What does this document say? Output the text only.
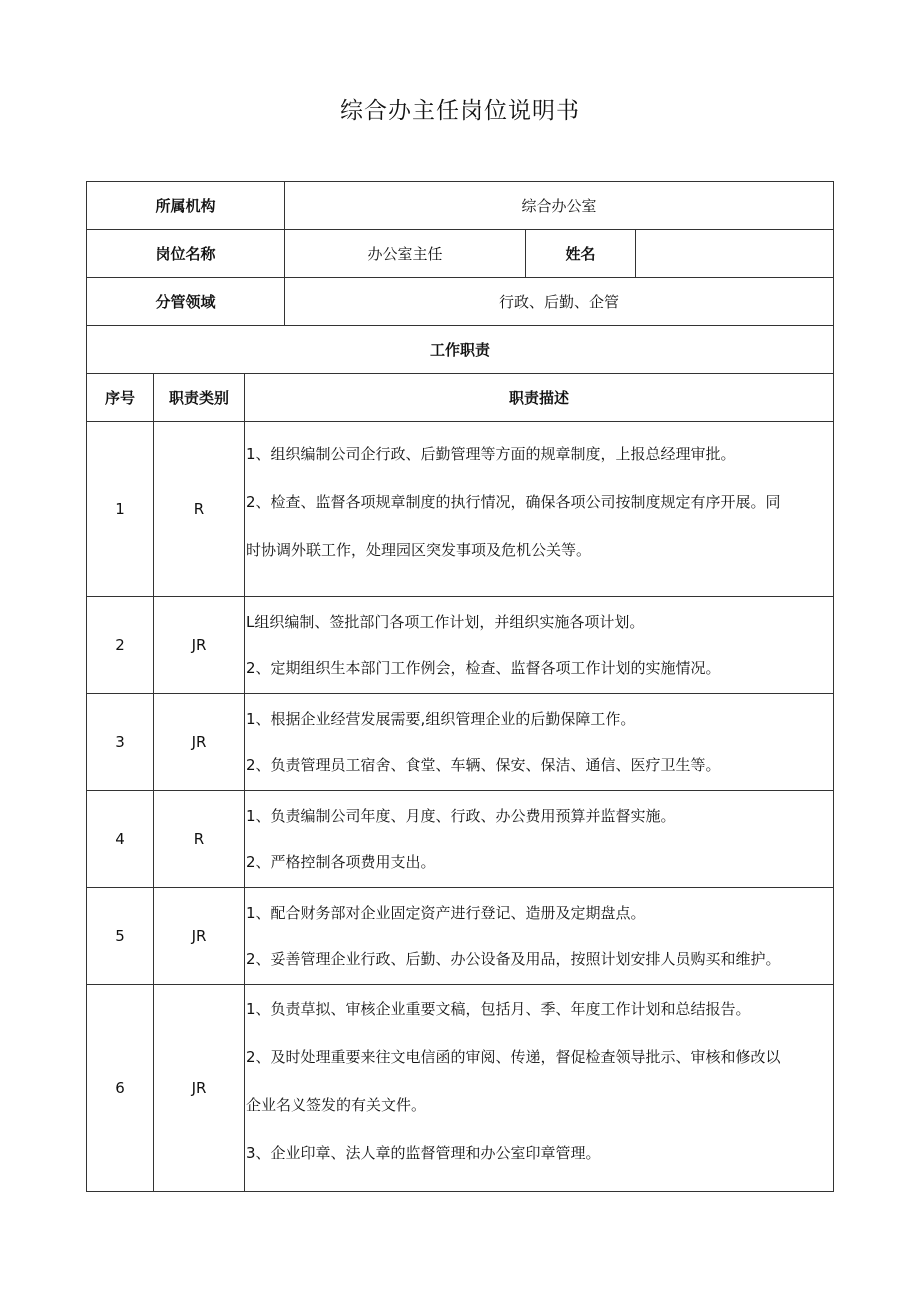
综合办主任岗位说明书
所属机构			综合办公室		
岗位名称			办公室主任	姓名	
分管领域			行政、后勤、企管		
工作职责					
序号	职责类别	职责描述			
1	R	1、组织编制公司企行政、后勤管理等方面的规章制度，上报总经理审批。

2、检查、监督各项规章制度的执行情况，确保各项公司按制度规定有序开展。同

时协调外联工作，处理园区突发事项及危机公关等。			

2	JR	L组织编制、签批部门各项工作计划，并组织实施各项计划。

2、定期组织生本部门工作例会，检查、监督各项工作计划的实施情况。			

3	JR	1、根据企业经营发展需要,组织管理企业的后勤保障工作。

2、负责管理员工宿舍、食堂、车辆、保安、保洁、通信、医疗卫生等。			

4	R	1、负责编制公司年度、月度、行政、办公费用预算并监督实施。

2、严格控制各项费用支出。			

5	JR	1、配合财务部对企业固定资产进行登记、造册及定期盘点。

2、妥善管理企业行政、后勤、办公设备及用品，按照计划安排人员购买和维护。			

6	JR	1、负责草拟、审核企业重要文稿，包括月、季、年度工作计划和总结报告。

2、及时处理重要来往文电信函的审阅、传递，督促检查领导批示、审核和修改以

企业名义签发的有关文件。

3、企业印章、法人章的监督管理和办公室印章管理。			
